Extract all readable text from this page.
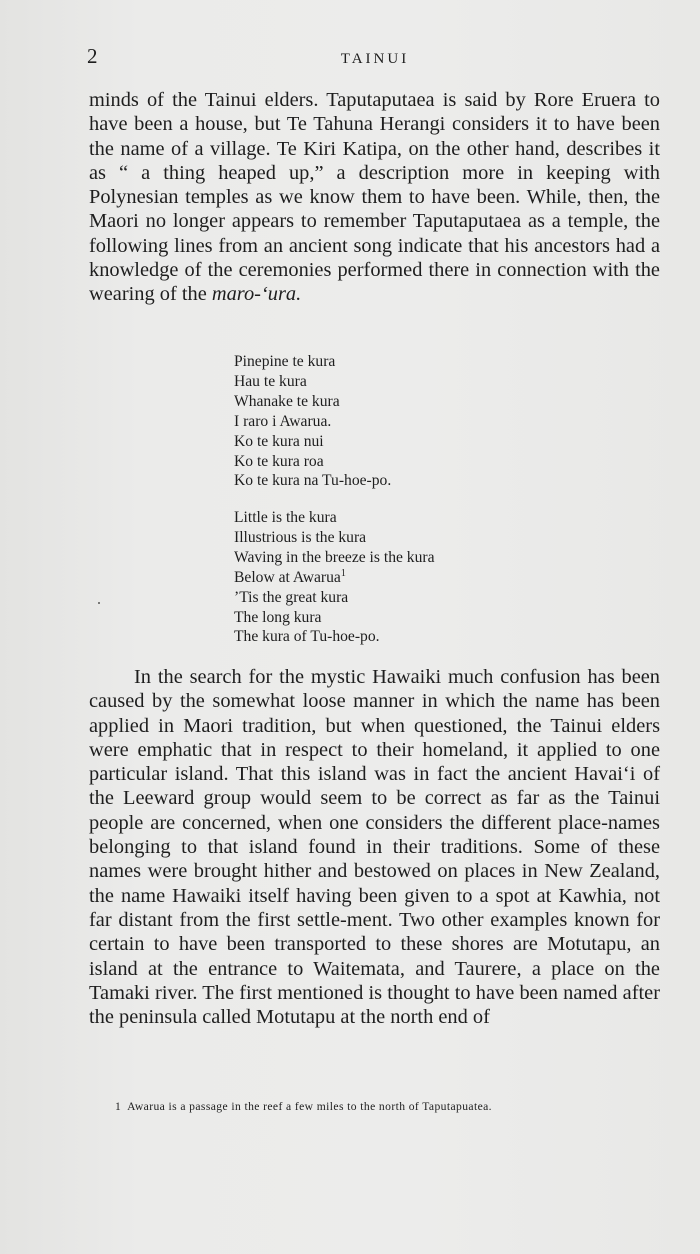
2	TAINUI

minds of the Tainui elders. Taputaputaea is said by Rore Eruera to have been a house, but Te Tahuna Herangi considers it to have been the name of a village. Te Kiri Katipa, on the other hand, describes it as “ a thing heaped up,” a description more in keeping with Polynesian temples as we know them to have been. While, then, the Maori no longer appears to remember Taputaputaea as a temple, the following lines from an ancient song indicate that his ancestors had a knowledge of the ceremonies performed there in connection with the wearing of the maro-‘ura.

Pinepine te kura
Hau te kura
Whanake te kura
I raro i Awarua.
Ko te kura nui
Ko te kura roa
Ko te kura na Tu-hoe-po.
Little is the kura
Illustrious is the kura
Waving in the breeze is the kura
Below at Awarua$^1$
’Tis the great kura
The long kura
The kura of Tu-hoe-po.

In the search for the mystic Hawaiki much confusion has been caused by the somewhat loose manner in which the name has been applied in Maori tradition, but when questioned, the Tainui elders were emphatic that in respect to their homeland, it applied to one particular island. That this island was in fact the ancient Havai‘i of the Leeward group would seem to be correct as far as the Tainui people are concerned, when one considers the different place-names belonging to that island found in their traditions. Some of these names were brought hither and bestowed on places in New Zealand, the name Hawaiki itself having been given to a spot at Kawhia, not far distant from the first settle-ment. Two other examples known for certain to have been transported to these shores are Motutapu, an island at the entrance to Waitemata, and Taurere, a place on the Tamaki river. The first mentioned is thought to have been named after the peninsula called Motutapu at the north end of

1 Awarua is a passage in the reef a few miles to the north of Taputapuatea.
